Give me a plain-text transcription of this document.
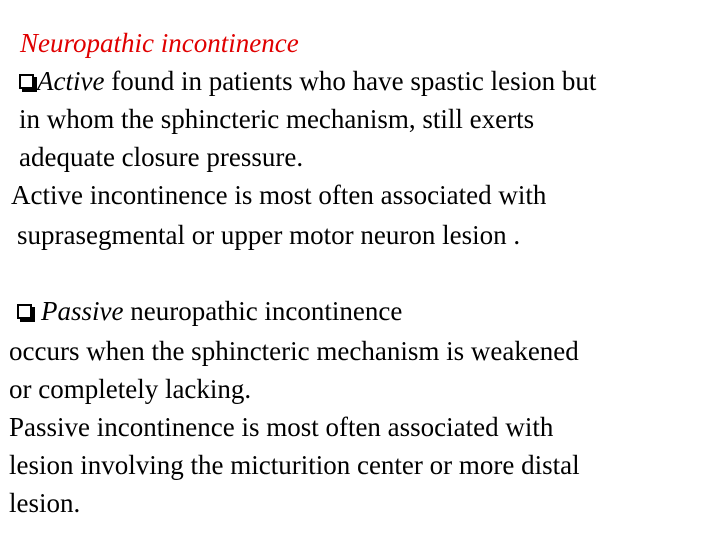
Neuropathic incontinence
Active found in patients who have spastic lesion but
in whom the sphincteric mechanism, still exerts
adequate closure pressure.
Active incontinence is most often associated with
suprasegmental or upper motor neuron lesion .
Passive neuropathic incontinence
occurs when the sphincteric mechanism is weakened
or completely lacking.
Passive incontinence is most often associated with
lesion involving the micturition center or more distal
lesion.
